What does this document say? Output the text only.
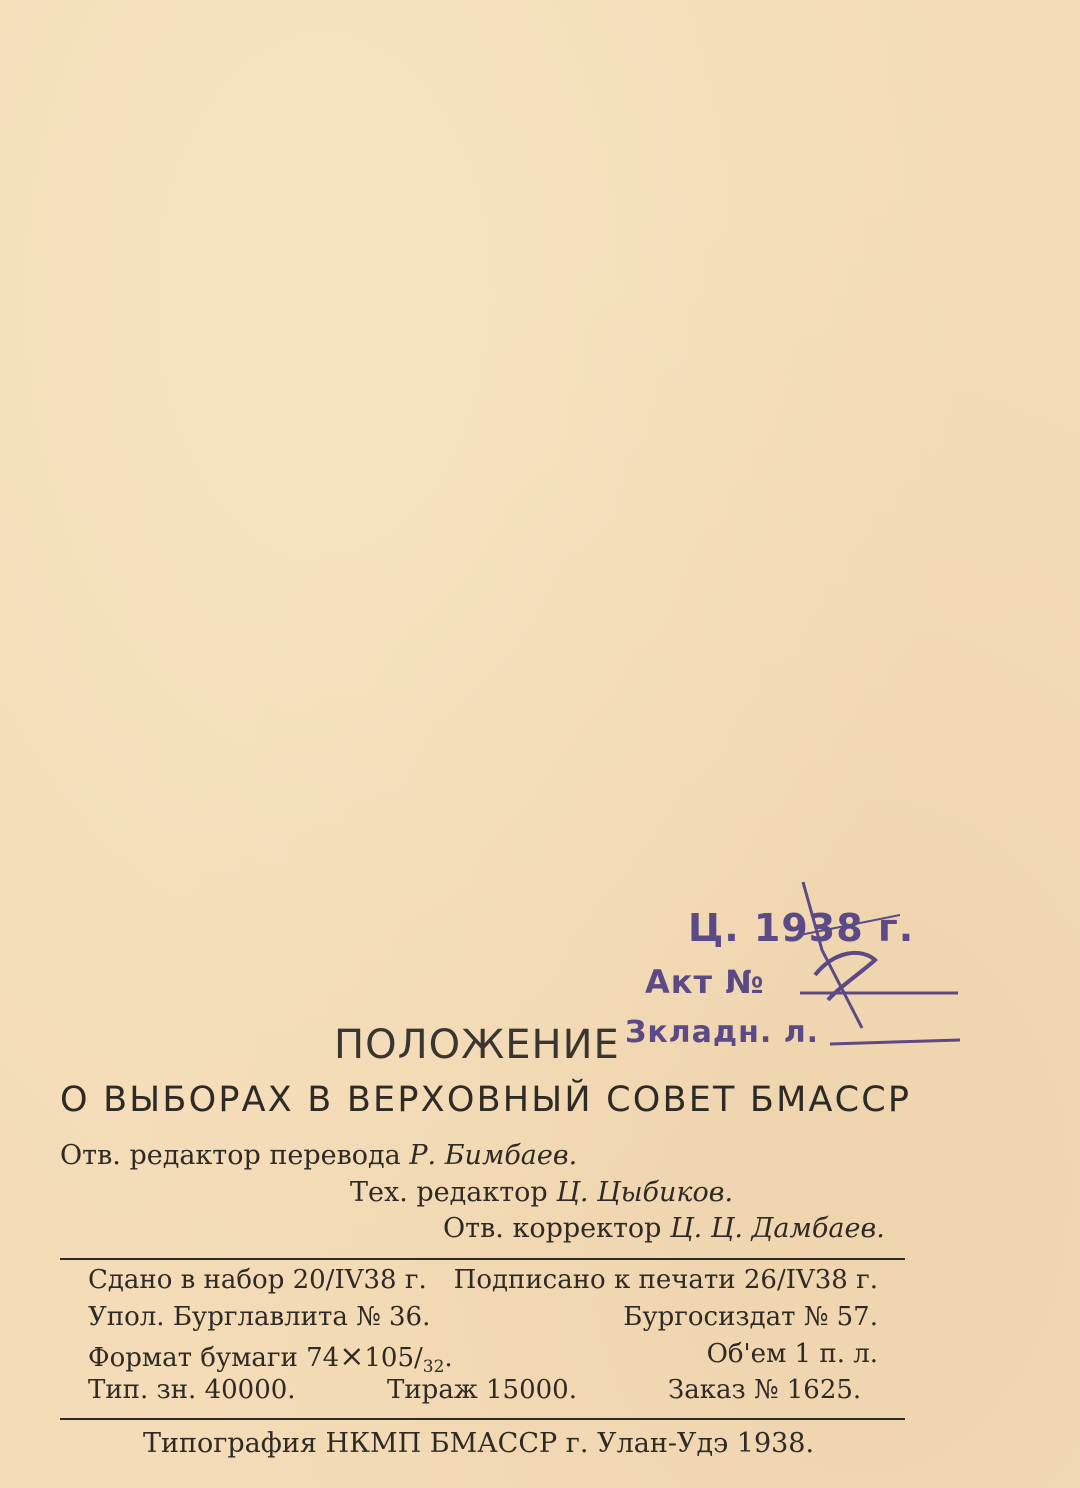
Ц. 1938 г.
Акт №
Зкладн. л.
ПОЛОЖЕНИЕ
О ВЫБОРАХ В ВЕРХОВНЫЙ СОВЕТ БМАССР
Отв. редактор перевода Р. Бимбаев.
Тех. редактор Ц. Цыбиков.
Отв. корректор Ц. Ц. Дамбаев.
Сдано в набор 20/IV38 г. Подписано к печати 26/IV38 г.
Упол. Бурглавлита № 36.	Бургосиздат № 57.
Формат бумаги $74\times 105/_{32}$.	Об'ем 1 п. л.
Тип. зн. 40000.	Тираж 15000.	Заказ № 1625.
Типография НКМП БМАССР г. Улан-Удэ 1938.
